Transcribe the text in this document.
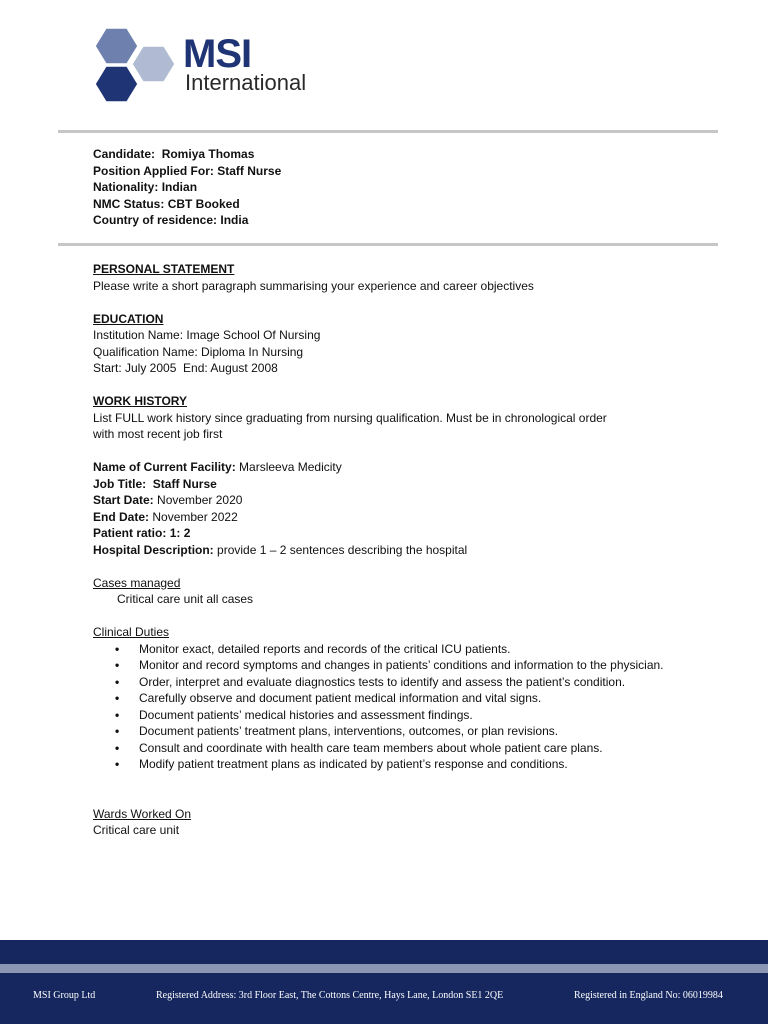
MSI
International
Candidate: Romiya Thomas
Position Applied For: Staff Nurse
Nationality: Indian
NMC Status: CBT Booked
Country of residence: India
PERSONAL STATEMENT
Please write a short paragraph summarising your experience and career objectives
EDUCATION
Institution Name: Image School Of Nursing
Qualification Name: Diploma In Nursing
Start: July 2005  End: August 2008
WORK HISTORY
List FULL work history since graduating from nursing qualification. Must be in chronological order
with most recent job first
Name of Current Facility: Marsleeva Medicity
Job Title: Staff Nurse
Start Date: November 2020
End Date: November 2022
Patient ratio: 1: 2
Hospital Description: provide 1 – 2 sentences describing the hospital
Cases managed
Critical care unit all cases
Clinical Duties
• Monitor exact, detailed reports and records of the critical ICU patients.
• Monitor and record symptoms and changes in patients’ conditions and information to the physician.
• Order, interpret and evaluate diagnostics tests to identify and assess the patient’s condition.
• Carefully observe and document patient medical information and vital signs.
• Document patients’ medical histories and assessment findings.
• Document patients’ treatment plans, interventions, outcomes, or plan revisions.
• Consult and coordinate with health care team members about whole patient care plans.
• Modify patient treatment plans as indicated by patient’s response and conditions.
Wards Worked On
Critical care unit
MSI Group Ltd	Registered Address: 3rd Floor East, The Cottons Centre, Hays Lane, London SE1 2QE	Registered in England No: 06019984
